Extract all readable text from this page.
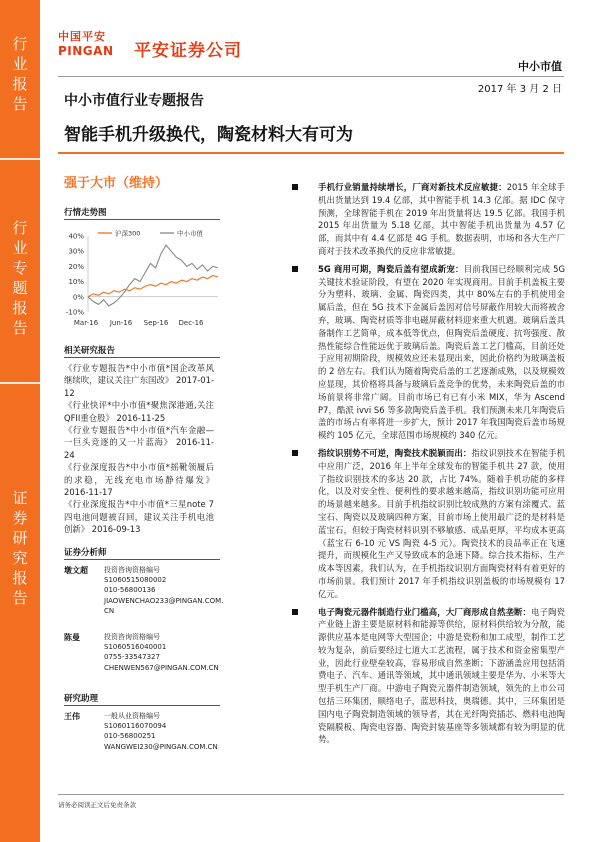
行
业
报
告
行
业
专
题
报
告
证
券
研
究
报
告
中国平安
PINGAN	平安证券公司
中小市值
2017 年 3 月 2 日
中小市值行业专题报告
智能手机升级换代，陶瓷材料大有可为
强于大市（维持）
行情走势图
40%
30%
20%
10%
0%
-10%
Mar-16 Jun-16 Sep-16 Dec-16
沪深300	中小市值
相关研究报告
《行业专题报告*中小市值*国企改革风继续吹，建议关注广东国改》 2017-01-12
《行业快评*中小市值*聚焦深港通,关注QFII重仓股》 2016-11-25
《行业专题报告*中小市值*汽车金融—一巨头竞逐的又一片蓝海》 2016-11-24
《行业深度报告*中小市值*摇靴领履后的求稳，无线充电市场静待爆发》 2016-11-17
《行业深度报告*中小市值*三星note 7四电池问题被召回，建议关注手机电池创新》 2016-09-13
证券分析师
墩文超	投资咨询资格编号
S1060515080002
010-56800136
JIAOWENCHAO233@PINGAN.COM.
CN
陈曼	投资咨询资格编号
S1060516040001
0755-33547327
CHENWEN567@PINGAN.COM.CN
研究助理
王伟	一般从业资格编号
S1060116070094
010-56800251
WANGWEI230@PINGAN.COM.CN
手机行业销量持续增长，厂商对新技术反应敏捷：2015 年全球手机出货量达到 19.4 亿部，其中智能手机 14.3 亿部。据 IDC 保守预测，全球智能手机在 2019 年出货量将达 19.5 亿部。我国手机 2015 年出货量为 5.18 亿部，其中智能手机出货量为 4.57 亿部，而其中有 4.4 亿部是 4G 手机。数据表明，市场和各大生产厂商对于技术改革换代的反应非常敏捷。
5G 商用可期，陶瓷后盖有望成新宠：目前我国已经顺利完成 5G 关键技术验证阶段，有望在 2020 年实现商用。目前手机盖板主要分为塑料、玻璃、金属、陶瓷四类，其中 80%左右的手机使用金属后盖，但在 5G 技术下金属后盖因对信号屏蔽作用较大而将被舍弃，玻璃、陶瓷材质等非电磁屏蔽材料迎来重大机遇。玻璃后盖具备制作工艺简单，成本低等优点，但陶瓷后盖硬度、抗弯强度、散热性能综合性能远优于玻璃后盖。陶瓷后盖工艺门槛高，目前还处于应用初期阶段，规模效应还未显现出来，因此价格约为玻璃盖板的 2 倍左右。我们认为随着陶瓷后盖的工艺逐渐成熟，以及规模效应显现，其价格将具备与玻璃后盖竞争的优势，未来陶瓷后盖的市场前景将非常广阔。目前市场已有已有小米 MIX，华为 Ascend P7，酷派 ivvi S6 等多款陶瓷后盖手机。我们预测未来几年陶瓷后盖的市场占有率将进一步扩大，预计 2017 年我国陶瓷后盖市场规模约 105 亿元，全球范围市场规模约 340 亿元。
指纹识别势不可逆，陶瓷技术脱颖而出：指纹识别技术在智能手机中应用广泛，2016 年上半年全球发布的智能手机共 27 款，使用了指纹识别技术的多达 20 款，占比 74%。随着手机功能的多样化，以及对安全性、便利性的要求越来越高，指纹识别功能可应用的场景越来越多。目前手机指纹识别比较成熟的方案有涂覆式、蓝宝石、陶瓷以及玻璃四种方案，目前市场上使用最广泛的是材料是蓝宝石，但较于陶瓷材料识别不够敏感、成品更厚，平均成本更高（蓝宝石 6-10 元 VS 陶瓷 4-5 元）。陶瓷技术的良品率正在飞速提升，而规模化生产又导致成本的急速下降。综合技术指标、生产成本等因素，我们认为，在手机指纹识别方面陶瓷材料有着更好的市场前景。我们预计 2017 年手机指纹识别盖板的市场规模有 17 亿元。
电子陶瓷元器件制造行业门槛高，大厂商形成自然垄断：电子陶瓷产业链上游主要是原材料和能源等供给，原材料供给较为分散，能源供应基本是电网等大型国企；中游是瓷粉和加工成型，制作工艺较为复杂，前后要经过七道大工艺流程，属于技术和资金密集型产业，因此行业壁垒较高，容易形成自然垄断；下游涵盖应用包括消费电子、汽车、通讯等领域，其中通讯领域主要是华为、小米等大型手机生产厂商。中游电子陶瓷元器件制造领域，领先的上市公司包括三环集团，顺络电子，蓝思科技，奥瑞德。其中，三环集团是国内电子陶瓷制造领域的领导者，其在光纤陶瓷插芯、燃料电池陶瓷隔膜板、陶瓷电容器、陶瓷封装基座等多领域都有较为明显的优势。
请务必阅读正文后免责条款
